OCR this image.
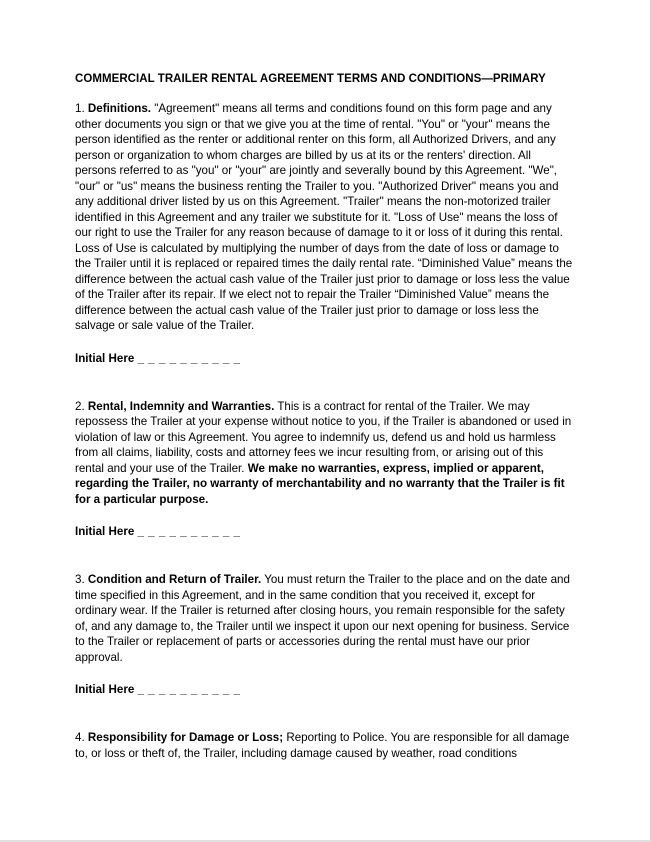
COMMERCIAL TRAILER RENTAL AGREEMENT TERMS AND CONDITIONS—PRIMARY

1. Definitions. "Agreement" means all terms and conditions found on this form page and any other documents you sign or that we give you at the time of rental. "You" or "your" means the person identified as the renter or additional renter on this form, all Authorized Drivers, and any person or organization to whom charges are billed by us at its or the renters' direction. All persons referred to as "you" or "your" are jointly and severally bound by this Agreement. "We", "our" or "us" means the business renting the Trailer to you. "Authorized Driver" means you and any additional driver listed by us on this Agreement. "Trailer" means the non-motorized trailer identified in this Agreement and any trailer we substitute for it. "Loss of Use" means the loss of our right to use the Trailer for any reason because of damage to it or loss of it during this rental. Loss of Use is calculated by multiplying the number of days from the date of loss or damage to the Trailer until it is replaced or repaired times the daily rental rate. “Diminished Value” means the difference between the actual cash value of the Trailer just prior to damage or loss less the value of the Trailer after its repair. If we elect not to repair the Trailer “Diminished Value” means the difference between the actual cash value of the Trailer just prior to damage or loss less the salvage or sale value of the Trailer.

Initial Here _ _ _ _ _ _ _ _ _ _

2. Rental, Indemnity and Warranties. This is a contract for rental of the Trailer. We may repossess the Trailer at your expense without notice to you, if the Trailer is abandoned or used in violation of law or this Agreement. You agree to indemnify us, defend us and hold us harmless from all claims, liability, costs and attorney fees we incur resulting from, or arising out of this rental and your use of the Trailer. We make no warranties, express, implied or apparent, regarding the Trailer, no warranty of merchantability and no warranty that the Trailer is fit for a particular purpose.

Initial Here _ _ _ _ _ _ _ _ _ _

3. Condition and Return of Trailer. You must return the Trailer to the place and on the date and time specified in this Agreement, and in the same condition that you received it, except for ordinary wear. If the Trailer is returned after closing hours, you remain responsible for the safety of, and any damage to, the Trailer until we inspect it upon our next opening for business. Service to the Trailer or replacement of parts or accessories during the rental must have our prior approval.

Initial Here _ _ _ _ _ _ _ _ _ _

4. Responsibility for Damage or Loss; Reporting to Police. You are responsible for all damage to, or loss or theft of, the Trailer, including damage caused by weather, road conditions
